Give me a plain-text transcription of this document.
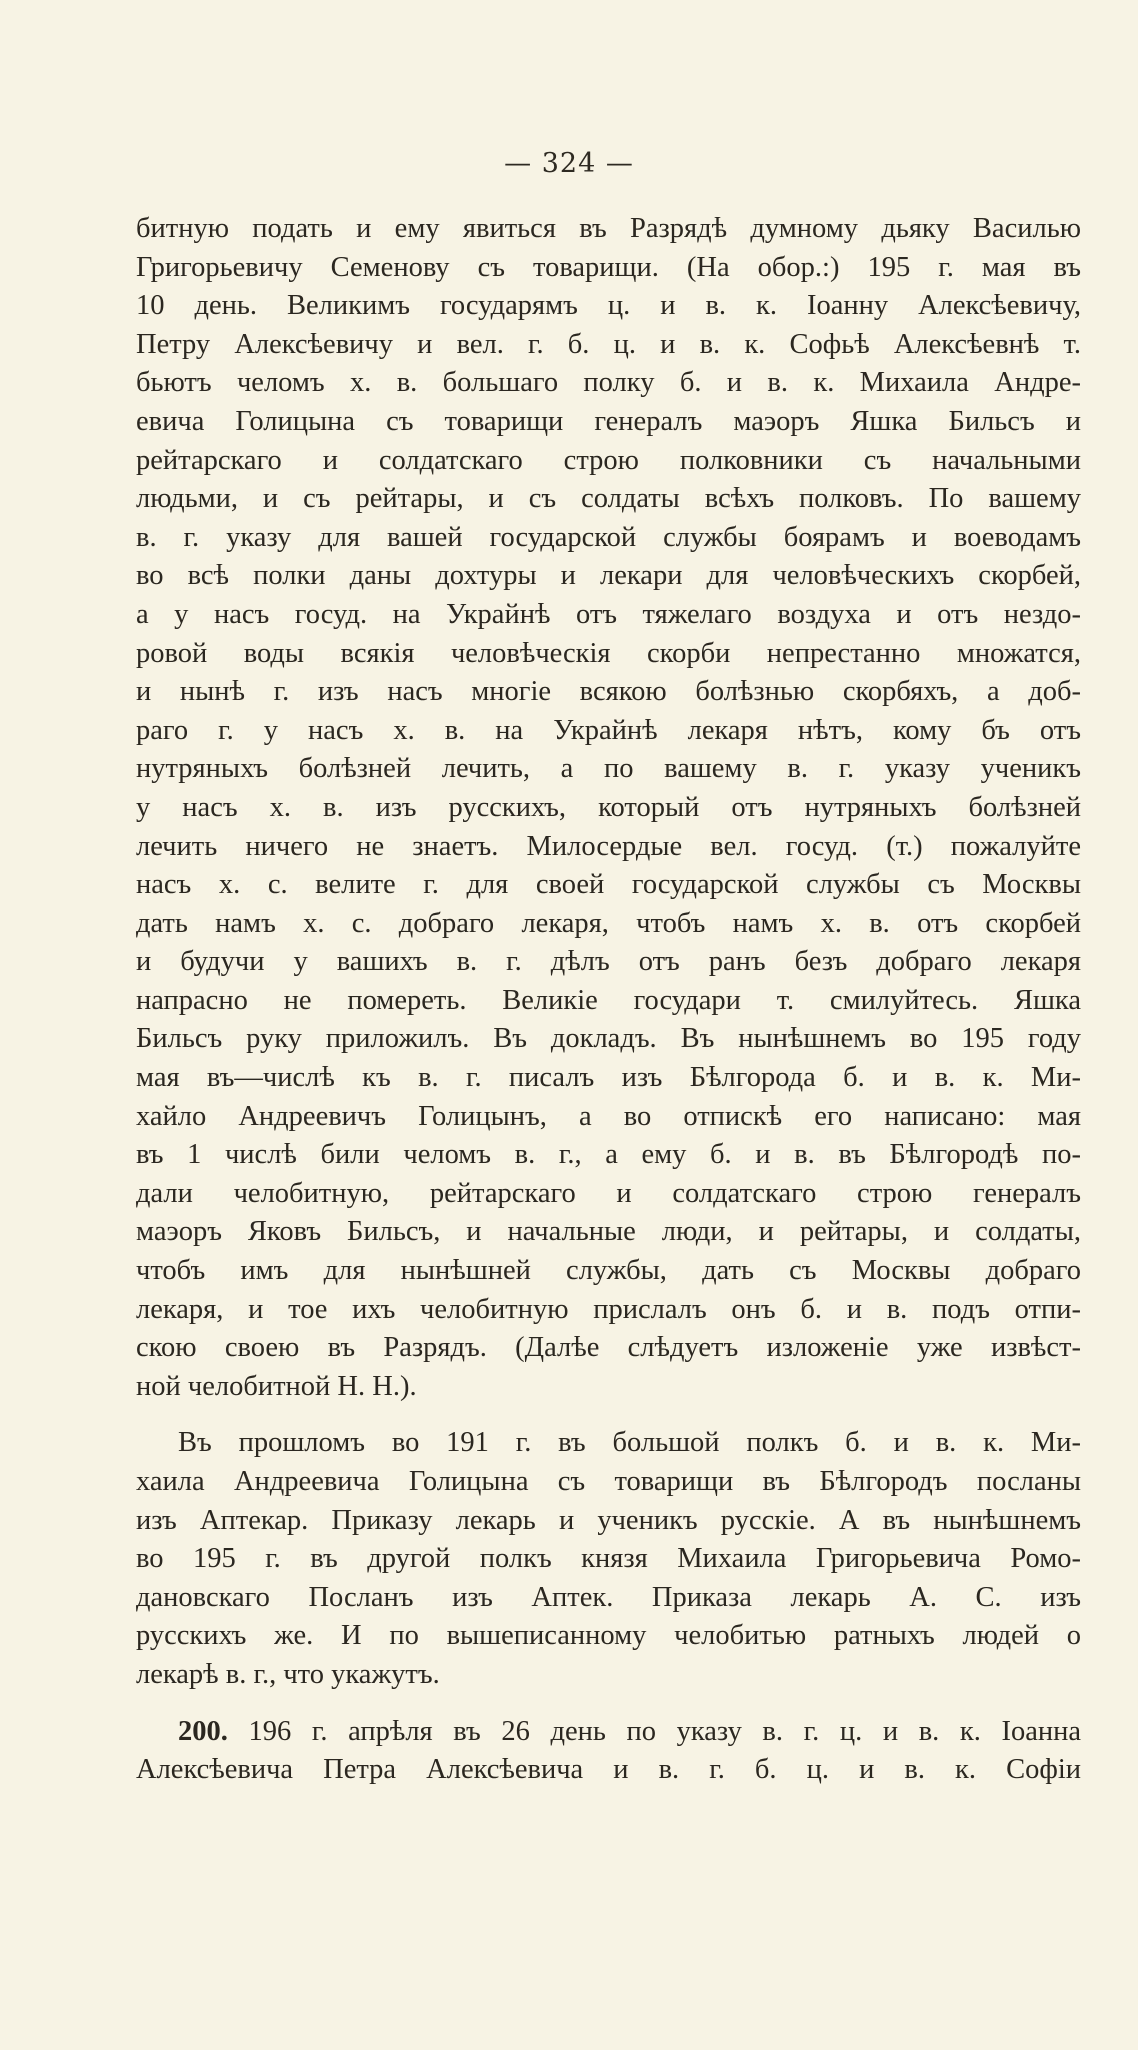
— 324 —
битную подать и ему явиться въ Разрядѣ думному дьяку Василью
Григорьевичу Семенову съ товарищи. (На обор.:) 195 г. мая въ
10 день. Великимъ государямъ ц. и в. к. Іоанну Алексѣевичу,
Петру Алексѣевичу и вел. г. б. ц. и в. к. Софьѣ Алексѣевнѣ т.
бьютъ челомъ х. в. большаго полку б. и в. к. Михаила Андре-
евича Голицына съ товарищи генералъ маэоръ Яшка Бильсъ и
рейтарскаго и солдатскаго строю полковники съ начальными
людьми, и съ рейтары, и съ солдаты всѣхъ полковъ. По вашему
в. г. указу для вашей государской службы боярамъ и воеводамъ
во всѣ полки даны дохтуры и лекари для человѣческихъ скорбей,
а у насъ госуд. на Украйнѣ отъ тяжелаго воздуха и отъ нездо-
ровой воды всякія человѣческія скорби непрестанно множатся,
и нынѣ г. изъ насъ многіе всякою болѣзнью скорбяхъ, а доб-
раго г. у насъ х. в. на Украйнѣ лекаря нѣтъ, кому бъ отъ
нутряныхъ болѣзней лечить, а по вашему в. г. указу ученикъ
у насъ х. в. изъ русскихъ, который отъ нутряныхъ болѣзней
лечить ничего не знаетъ. Милосердые вел. госуд. (т.) пожалуйте
насъ х. с. велите г. для своей государской службы съ Москвы
дать намъ х. с. добраго лекаря, чтобъ намъ х. в. отъ скорбей
и будучи у вашихъ в. г. дѣлъ отъ ранъ безъ добраго лекаря
напрасно не помереть. Великіе государи т. смилуйтесь. Яшка
Бильсъ руку приложилъ. Въ докладъ. Въ нынѣшнемъ во 195 году
мая въ—числѣ къ в. г. писалъ изъ Бѣлгорода б. и в. к. Ми-
хайло Андреевичъ Голицынъ, а во отпискѣ его написано: мая
въ 1 числѣ били челомъ в. г., а ему б. и в. въ Бѣлгородѣ по-
дали челобитную, рейтарскаго и солдатскаго строю генералъ
маэоръ Яковъ Бильсъ, и начальные люди, и рейтары, и солдаты,
чтобъ имъ для нынѣшней службы, дать съ Москвы добраго
лекаря, и тое ихъ челобитную прислалъ онъ б. и в. подъ отпи-
скою своею въ Разрядъ. (Далѣе слѣдуетъ изложеніе уже извѣст-
ной челобитной Н. Н.).
Въ прошломъ во 191 г. въ большой полкъ б. и в. к. Ми-
хаила Андреевича Голицына съ товарищи въ Бѣлгородъ посланы
изъ Аптекар. Приказу лекарь и ученикъ русскіе. А въ нынѣшнемъ
во 195 г. въ другой полкъ князя Михаила Григорьевича Ромо-
дановскаго Посланъ изъ Аптек. Приказа лекарь А. С. изъ
русскихъ же. И по вышеписанному челобитью ратныхъ людей о
лекарѣ в. г., что укажутъ.
200. 196 г. апрѣля въ 26 день по указу в. г. ц. и в. к. Іоанна
Алексѣевича Петра Алексѣевича и в. г. б. ц. и в. к. Софіи
